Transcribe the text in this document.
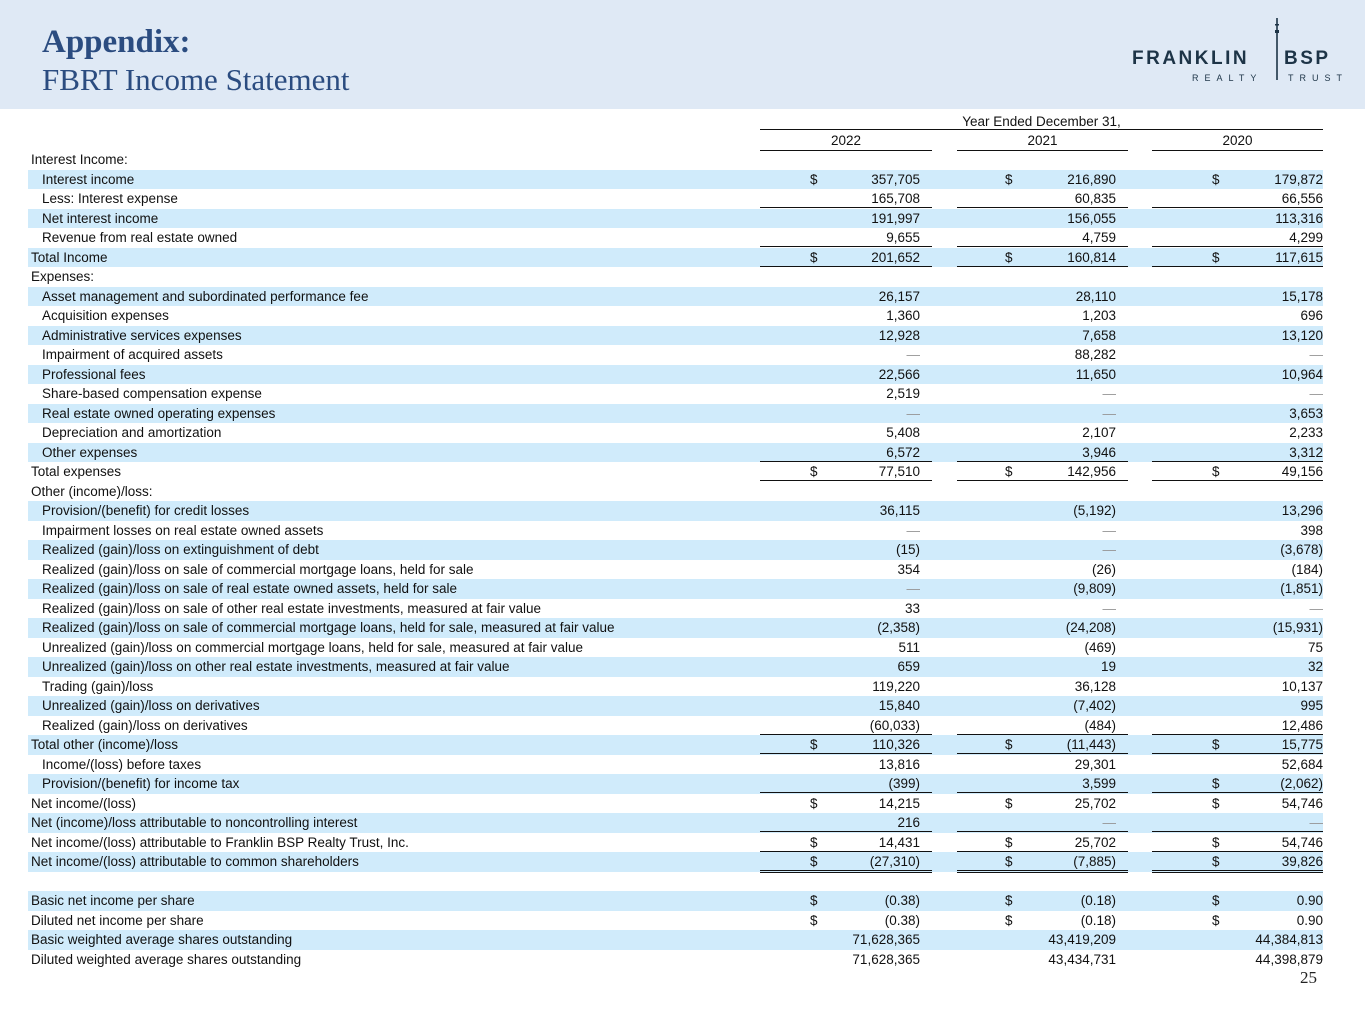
Appendix:
FBRT Income Statement
FRANKLIN BSP
REALTY	TRUST
Year Ended December 31,
2022	2021	2020
Interest Income:
Interest income	$	357,705	$	216,890	$	179,872
Less: Interest expense	165,708	60,835	66,556
Net interest income	191,997	156,055	113,316
Revenue from real estate owned	9,655	4,759	4,299
Total Income	$	201,652	$	160,814	$	117,615
Expenses:
Asset management and subordinated performance fee	26,157	28,110	15,178
Acquisition expenses	1,360	1,203	696
Administrative services expenses	12,928	7,658	13,120
Impairment of acquired assets	—	88,282	—
Professional fees	22,566	11,650	10,964
Share-based compensation expense	2,519	—	—
Real estate owned operating expenses	—	—	3,653
Depreciation and amortization	5,408	2,107	2,233
Other expenses	6,572	3,946	3,312
Total expenses	$	77,510	$	142,956	$	49,156
Other (income)/loss:
Provision/(benefit) for credit losses	36,115	(5,192)	13,296
Impairment losses on real estate owned assets	—	—	398
Realized (gain)/loss on extinguishment of debt	(15)	—	(3,678)
Realized (gain)/loss on sale of commercial mortgage loans, held for sale	354	(26)	(184)
Realized (gain)/loss on sale of real estate owned assets, held for sale	—	(9,809)	(1,851)
Realized (gain)/loss on sale of other real estate investments, measured at fair value	33	—	—
Realized (gain)/loss on sale of commercial mortgage loans, held for sale, measured at fair value	(2,358)	(24,208)	(15,931)
Unrealized (gain)/loss on commercial mortgage loans, held for sale, measured at fair value	511	(469)	75
Unrealized (gain)/loss on other real estate investments, measured at fair value	659	19	32
Trading (gain)/loss	119,220	36,128	10,137
Unrealized (gain)/loss on derivatives	15,840	(7,402)	995
Realized (gain)/loss on derivatives	(60,033)	(484)	12,486
Total other (income)/loss	$	110,326	$	(11,443)	$	15,775
Income/(loss) before taxes	13,816	29,301	52,684
Provision/(benefit) for income tax	(399)	3,599	$	(2,062)
Net income/(loss)	$	14,215	$	25,702	$	54,746
Net (income)/loss attributable to noncontrolling interest	216	—	—
Net income/(loss) attributable to Franklin BSP Realty Trust, Inc.	$	14,431	$	25,702	$	54,746
Net income/(loss) attributable to common shareholders	$	(27,310)	$	(7,885)	$	39,826
Basic net income per share	$	(0.38)	$	(0.18)	$	0.90
Diluted net income per share	$	(0.38)	$	(0.18)	$	0.90
Basic weighted average shares outstanding	71,628,365	43,419,209	44,384,813
Diluted weighted average shares outstanding	71,628,365	43,434,731	44,398,879
25
